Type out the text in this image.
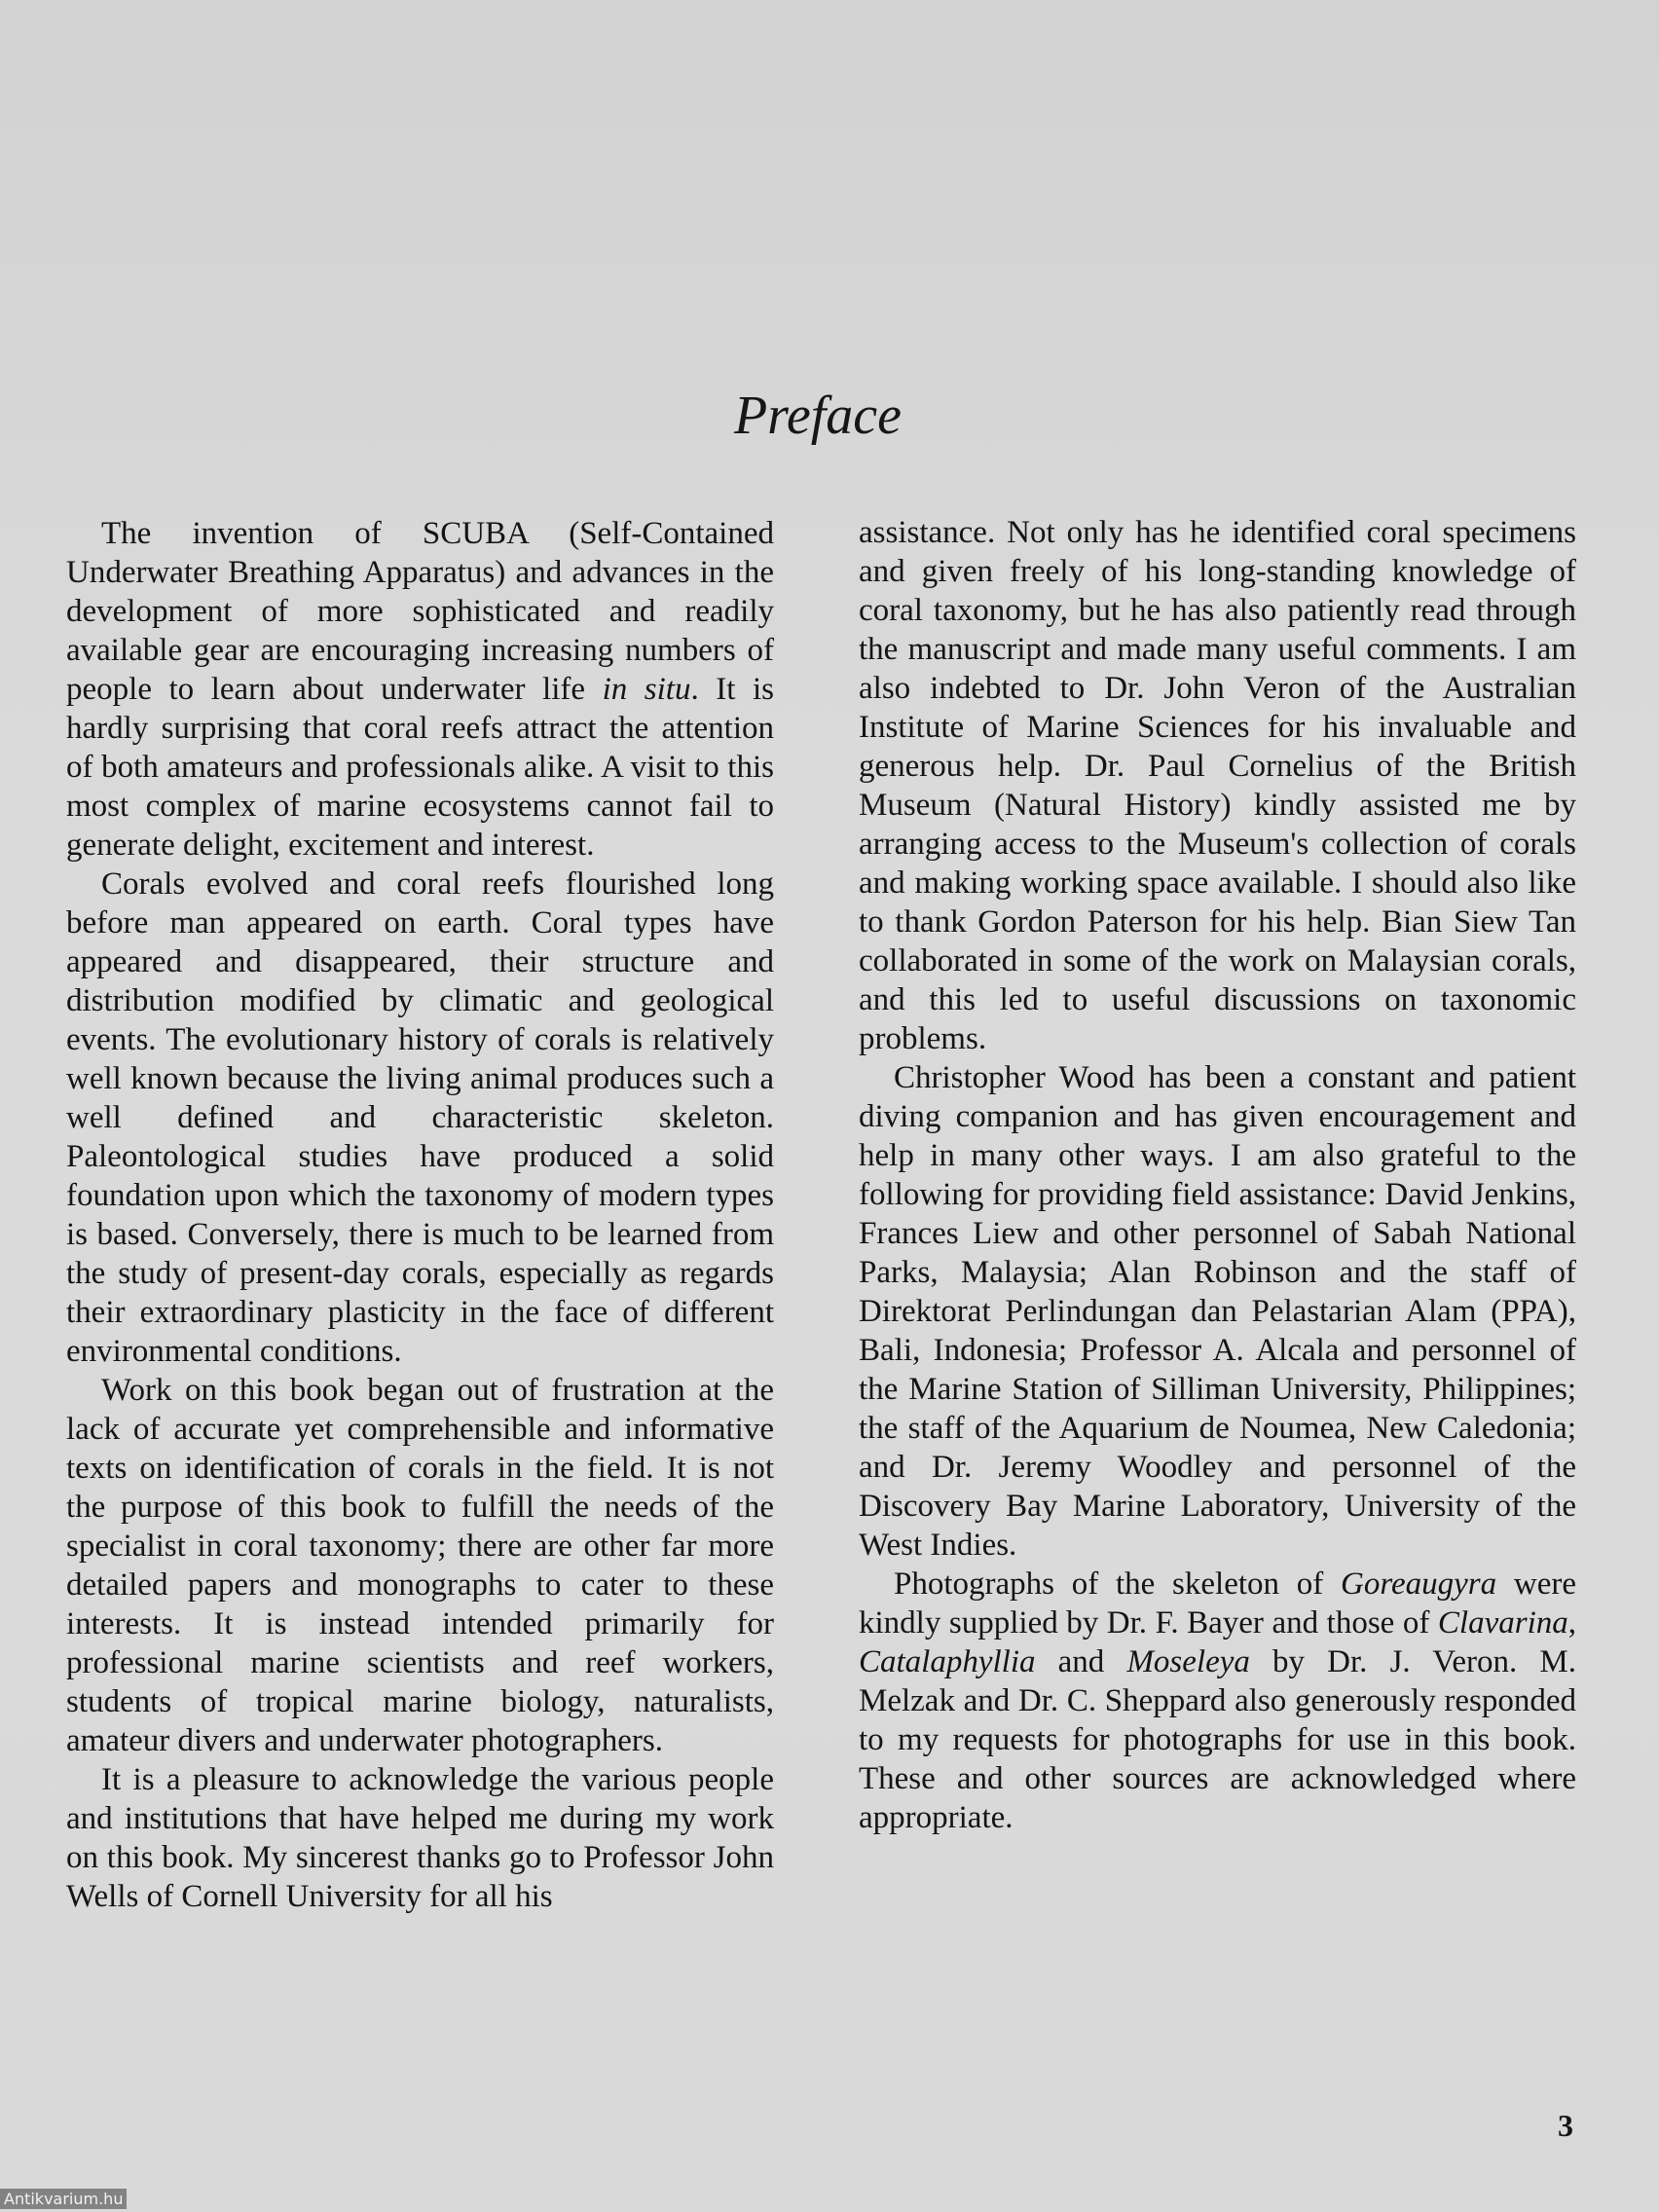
Preface

The invention of SCUBA (Self-Contained Underwater Breathing Apparatus) and advances in the development of more sophisticated and readily available gear are encouraging increasing numbers of people to learn about underwater life in situ. It is hardly surprising that coral reefs attract the attention of both amateurs and professionals alike. A visit to this most complex of marine ecosystems cannot fail to generate delight, excitement and interest.

Corals evolved and coral reefs flourished long before man appeared on earth. Coral types have appeared and disappeared, their structure and distribution modified by climatic and geological events. The evolutionary history of corals is relatively well known because the living animal produces such a well defined and characteristic skeleton. Paleontological studies have produced a solid foundation upon which the taxonomy of modern types is based. Conversely, there is much to be learned from the study of present-day corals, especially as regards their extraordinary plasticity in the face of different environmental conditions.

Work on this book began out of frustration at the lack of accurate yet comprehensible and informative texts on identification of corals in the field. It is not the purpose of this book to fulfill the needs of the specialist in coral taxonomy; there are other far more detailed papers and monographs to cater to these interests. It is instead intended primarily for professional marine scientists and reef workers, students of tropical marine biology, naturalists, amateur divers and underwater photographers.

It is a pleasure to acknowledge the various people and institutions that have helped me during my work on this book. My sincerest thanks go to Professor John Wells of Cornell University for all his

assistance. Not only has he identified coral specimens and given freely of his long-standing knowledge of coral taxonomy, but he has also patiently read through the manuscript and made many useful comments. I am also indebted to Dr. John Veron of the Australian Institute of Marine Sciences for his invaluable and generous help. Dr. Paul Cornelius of the British Museum (Natural History) kindly assisted me by arranging access to the Museum's collection of corals and making working space available. I should also like to thank Gordon Paterson for his help. Bian Siew Tan collaborated in some of the work on Malaysian corals, and this led to useful discussions on taxonomic problems.

Christopher Wood has been a constant and patient diving companion and has given encouragement and help in many other ways. I am also grateful to the following for providing field assistance: David Jenkins, Frances Liew and other personnel of Sabah National Parks, Malaysia; Alan Robinson and the staff of Direktorat Perlindungan dan Pelastarian Alam (PPA), Bali, Indonesia; Professor A. Alcala and personnel of the Marine Station of Silliman University, Philippines; the staff of the Aquarium de Noumea, New Caledonia; and Dr. Jeremy Woodley and personnel of the Discovery Bay Marine Laboratory, University of the West Indies.

Photographs of the skeleton of Goreaugyra were kindly supplied by Dr. F. Bayer and those of Clavarina, Catalaphyllia and Moseleya by Dr. J. Veron. M. Melzak and Dr. C. Sheppard also generously responded to my requests for photographs for use in this book. These and other sources are acknowledged where appropriate.

3
Antikvarium.hu
